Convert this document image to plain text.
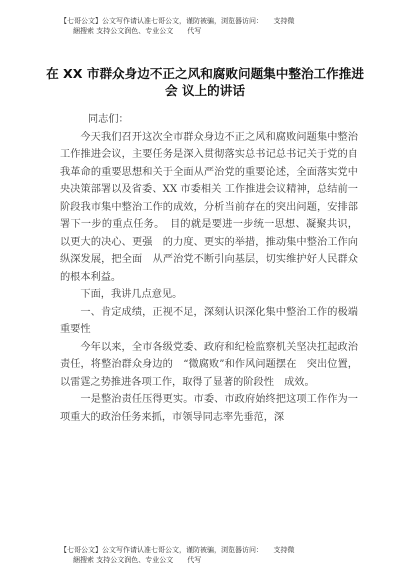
【七哥公文】公文写作请认准七哥公文，谨防被骗，浏览器访问：　　支持微
　綑搜索 支持公文润色、专业公文　　代写
在 XX 市群众身边不正之风和腐败问题集中整治工作推进
会 议上的讲话

同志们：

今天我们召开这次全市群众身边不正之风和腐败问题集中整治工作推进会议，主要任务是深入贯彻落实总书记总书记关于党的自我革命的重要思想和关于全面从严治党的重要论述，全面落实党中央决策部署以及省委、XX 市委相关 工作推进会议精神，总结前一阶段我市集中整治工作的成效，分析当前存在的突出问题，安排部署下一步的重点任务。　目的就是要进一步统一思想、凝聚共识，以更大的决心、更强　的力度、更实的举措，推动集中整治工作向纵深发展，把全面　从严治党不断引向基层，切实维护好人民群众的根本利益。

下面，我讲几点意见。

一、肯定成绩，正视不足，深刻认识深化集中整治工作的极端重要性

今年以来，全市各级党委、政府和纪检监察机关坚决扛起政治责任，将整治群众身边的　“微腐败”和作风问题摆在　突出位置，以雷霆之势推进各项工作，取得了显著的阶段性　成效。

一是整治责任压得更实。市委、市政府始终把这项工作作为一项重大的政治任务来抓，市领导同志率先垂范，深

【七哥公文】公文写作请认准七哥公文，谨防被骗，浏览器访问：　　支持微
　綑搜索 支持公文润色、专业公文　　代写
